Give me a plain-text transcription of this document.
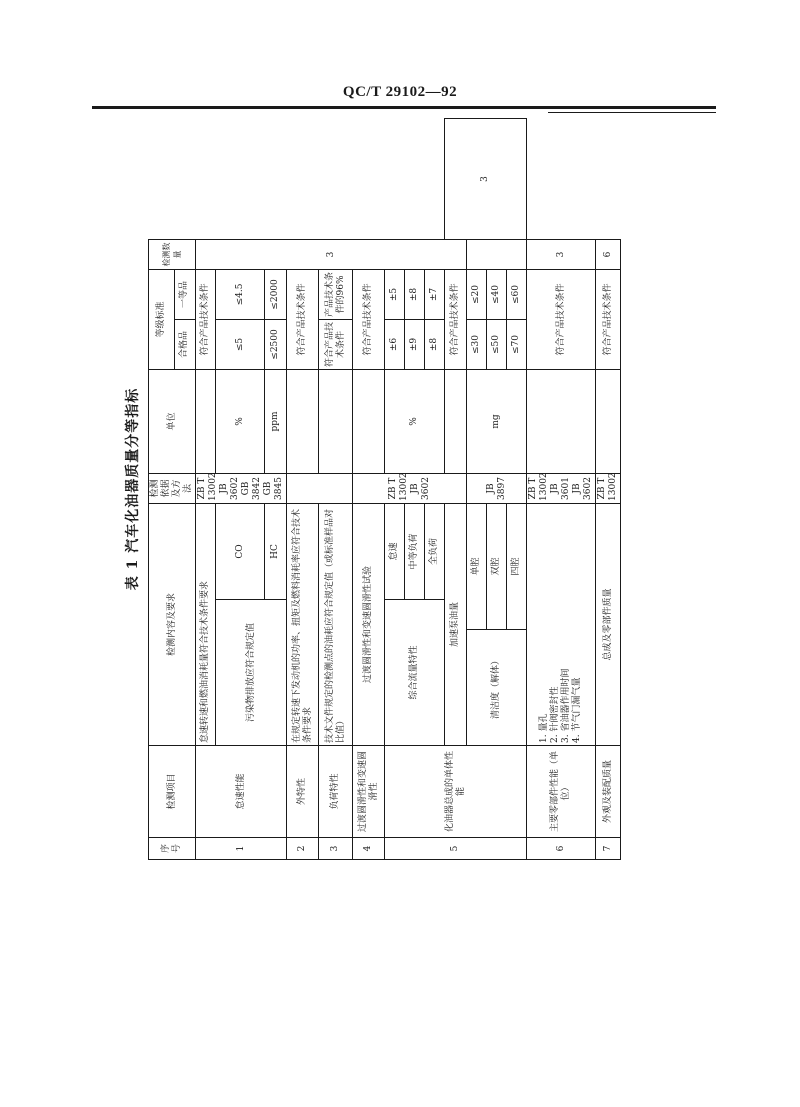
QC/T 29102—92
表 1 汽车化油器质量分等指标
序号	检测项目	检测内容及要求			检测依据及方法	单位	等级标准		检测数量	
							合格品	一等品		
1	怠速性能	怠速转速和燃油消耗量符合技术条件要求			ZB T 13002
JB 3602
GB 3842
GB 3845		符合产品技术条件		3	
		污染物排放应符合规定值		CO		%	≤5	≤4.5		
				HC		ppm	≤2500	≤2000		
2	外特性	在规定转速下发动机的功率、扭矩及燃料消耗率应符合技术条件要求					符合产品技术条件			
3	负荷特性	技术文件规定的检测点的油耗应符合规定值（或标准样品对比值）					符合产品技术条件	产品技术条件的96%		
4	过渡圆滑性和变速圆滑性	过渡圆滑性和变速圆滑性试验			ZB T 13002
JB 3602		符合产品技术条件			
5	化油器总成的单体性能	综合流量特性		怠速		%	±6	±5		
				中等负荷			±9	±8		
				全负荷			±8	±7		
		加速泵油量					符合产品技术条件			3
		清洁度（解体）	单腔		JB 3897	mg	≤30	≤20		
			双腔				≤50	≤40		
			四腔				≤70	≤60		
6	主要零部件性能（单位）	1. 量孔
2. 针阀密封性
3. 省油器作用时间
4. 节气门漏气量			ZB T 13002
JB 3601
JB 3602		符合产品技术条件		3	
7	外观及装配质量	总成及零部件质量			ZB T 13002		符合产品技术条件		6	
